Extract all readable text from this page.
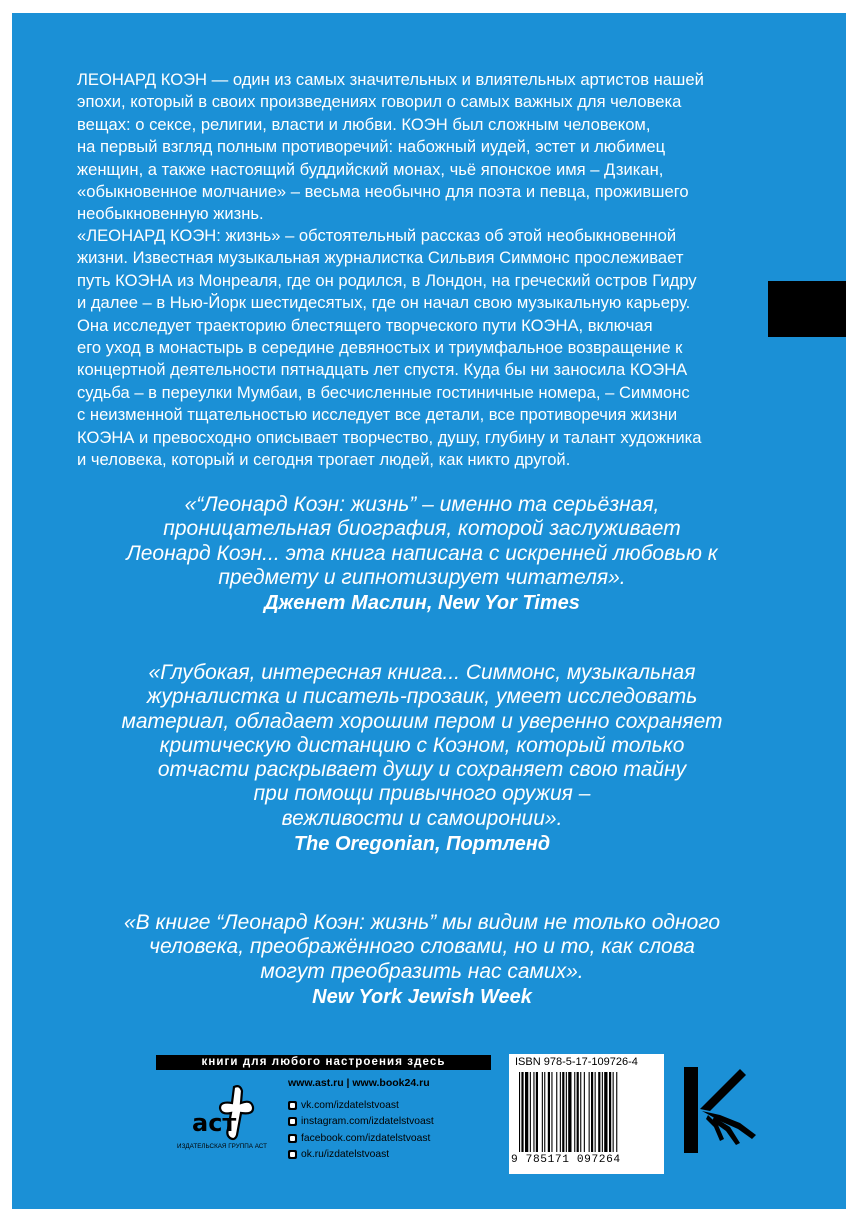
ЛЕОНАРД КОЭН — один из самых значительных и влиятельных артистов нашей
эпохи, который в своих произведениях говорил о самых важных для человека
вещах: о сексе, религии, власти и любви. КОЭН был сложным человеком,
на первый взгляд полным противоречий: набожный иудей, эстет и любимец
женщин, а также настоящий буддийский монах, чьё японское имя – Дзикан,
«обыкновенное молчание» – весьма необычно для поэта и певца, прожившего
необыкновенную жизнь.

«ЛЕОНАРД КОЭН: жизнь» – обстоятельный рассказ об этой необыкновенной
жизни. Известная музыкальная журналистка Сильвия Симмонс прослеживает
путь КОЭНА из Монреаля, где он родился, в Лондон, на греческий остров Гидру
и далее – в Нью-Йорк шестидесятых, где он начал свою музыкальную карьеру.
Она исследует траекторию блестящего творческого пути КОЭНА, включая
его уход в монастырь в середине девяностых и триумфальное возвращение к
концертной деятельности пятнадцать лет спустя. Куда бы ни заносила КОЭНА
судьба – в переулки Мумбаи, в бесчисленные гостиничные номера, – Симмонс
с неизменной тщательностью исследует все детали, все противоречия жизни
КОЭНА и превосходно описывает творчество, душу, глубину и талант художника
и человека, который и сегодня трогает людей, как никто другой.

«“Леонард Коэн: жизнь” – именно та серьёзная,
проницательная биография, которой заслуживает
Леонард Коэн... эта книга написана с искренней любовью к
предмету и гипнотизирует читателя».
Дженет Маслин, New Yor Times
«Глубокая, интересная книга... Симмонс, музыкальная
журналистка и писатель-прозаик, умеет исследовать
материал, обладает хорошим пером и уверенно сохраняет
критическую дистанцию с Коэном, который только
отчасти раскрывает душу и сохраняет свою тайну
при помощи привычного оружия –
вежливости и самоиронии».
The Oregonian, Портленд
«В книге “Леонард Коэн: жизнь” мы видим не только одного
человека, преображённого словами, но и то, как слова
могут преобразить нас самих».
New York Jewish Week
книги для любого настроения здесь
аст
ИЗДАТЕЛЬСКАЯ ГРУППА АСТ
www.ast.ru | www.book24.ru
vk.com/izdatelstvoast
instagram.com/izdatelstvoast
facebook.com/izdatelstvoast
ok.ru/izdatelstvoast
ISBN 978-5-17-109726-4
9 785171 097264
